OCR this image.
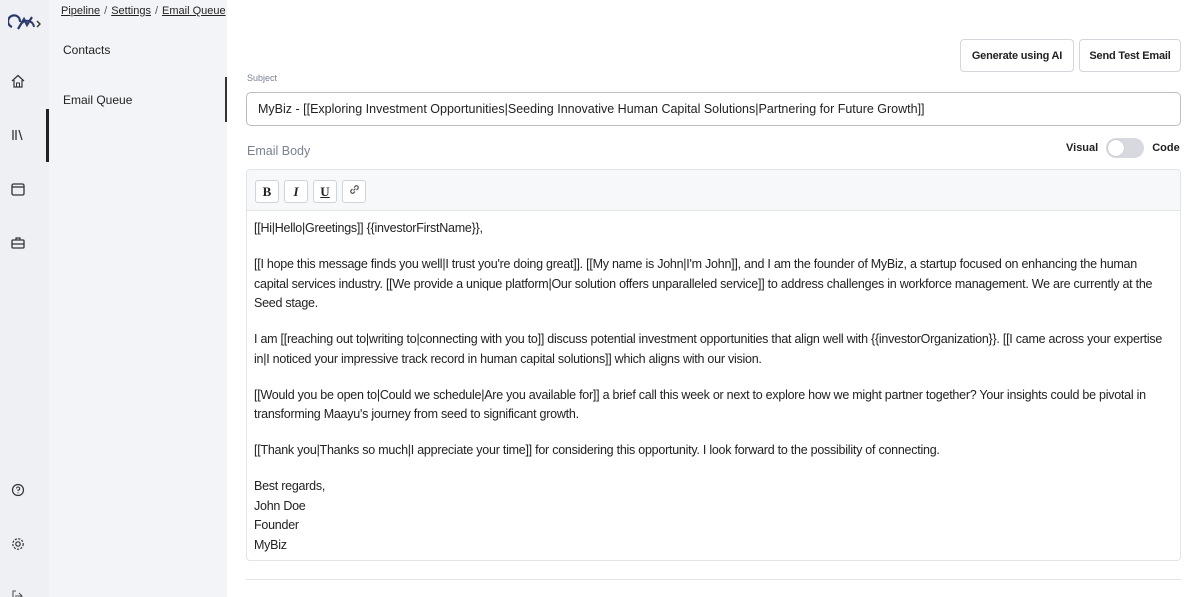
Contacts
Email Queue
Pipeline / Settings / Email Queue
Generate using AI	Send Test Email
Subject
MyBiz - [[Exploring Investment Opportunities|Seeding Innovative Human Capital Solutions|Partnering for Future Growth]]
Email Body	Visual	Code
B	I	U

[[Hi|Hello|Greetings]] {{investorFirstName}},

[[I hope this message finds you well|I trust you're doing great]]. [[My name is John|I'm John]], and I am the founder of MyBiz, a startup focused on enhancing the human capital services industry. [[We provide a unique platform|Our solution offers unparalleled service]] to address challenges in workforce management. We are currently at the Seed stage.

I am [[reaching out to|writing to|connecting with you to]] discuss potential investment opportunities that align well with {{investorOrganization}}. [[I came across your expertise in|I noticed your impressive track record in human capital solutions]] which aligns with our vision.

[[Would you be open to|Could we schedule|Are you available for]] a brief call this week or next to explore how we might partner together? Your insights could be pivotal in transforming Maayu's journey from seed to significant growth.

[[Thank you|Thanks so much|I appreciate your time]] for considering this opportunity. I look forward to the possibility of connecting.

Best regards,

John Doe

Founder

MyBiz
